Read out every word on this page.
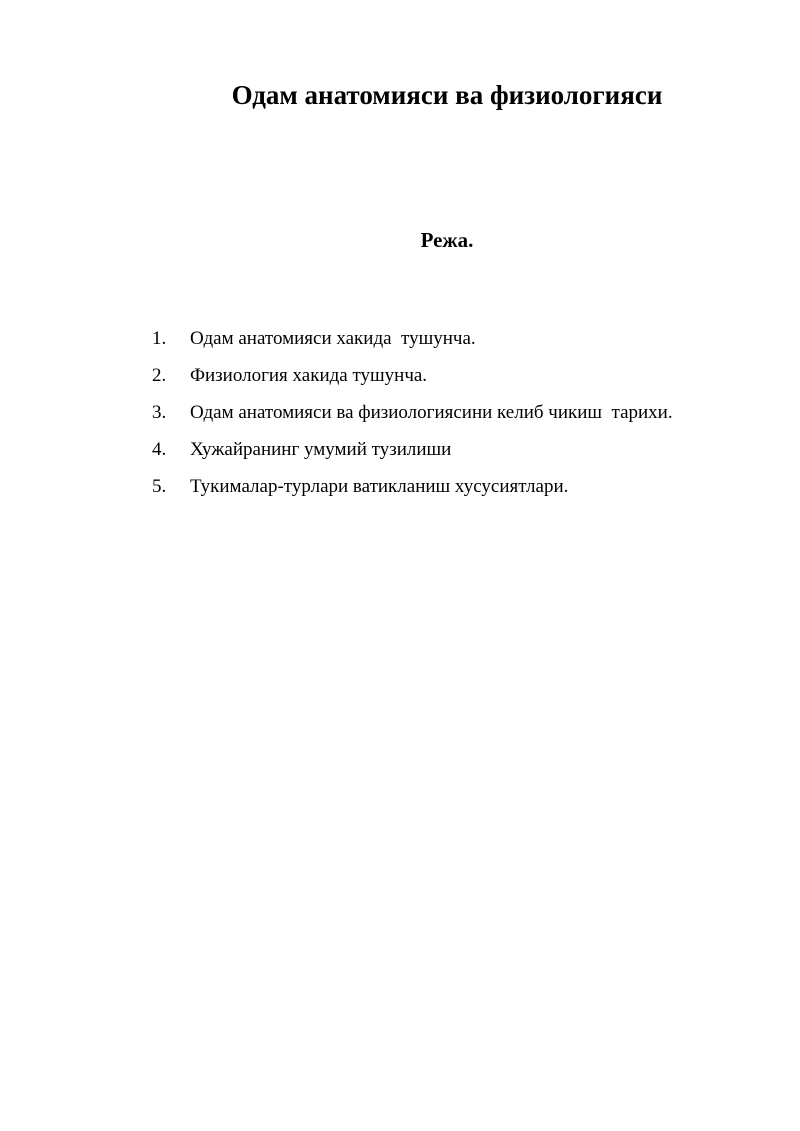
Одам анатомияси ва физиологияси
Режа.
1.	Одам анатомияси хакида  тушунча.
2.	Физиология хакида тушунча.
3.	Одам анатомияси ва физиологиясини келиб чикиш  тарихи.
4.	Хужайранинг умумий тузилиши
5.	Тукималар-турлари ватикланиш хусусиятлари.
